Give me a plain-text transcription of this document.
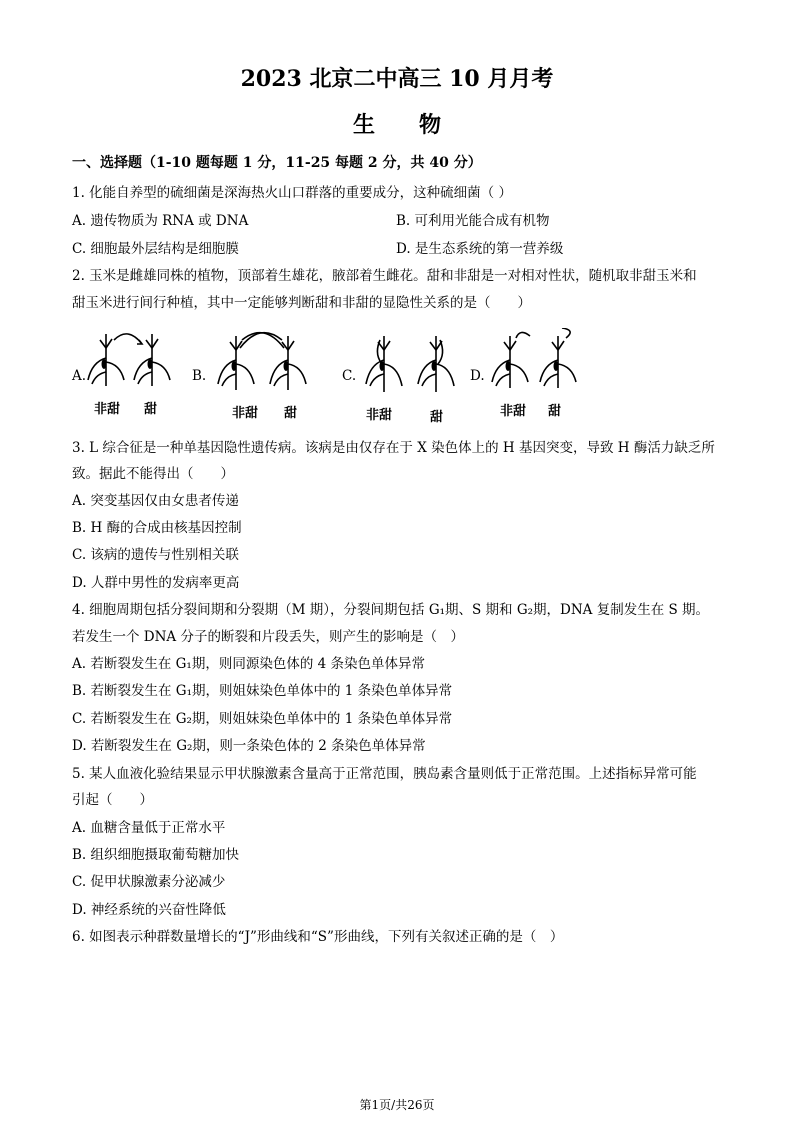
2023 北京二中高三 10 月月考
生　　物
一、选择题（1-10 题每题 1 分，11-25 每题 2 分，共 40 分）
1. 化能自养型的硫细菌是深海热火山口群落的重要成分，这种硫细菌（ ）
A. 遗传物质为 RNA 或 DNA	B. 可利用光能合成有机物
C. 细胞最外层结构是细胞膜	D. 是生态系统的第一营养级
2. 玉米是雌雄同株的植物，顶部着生雄花，腋部着生雌花。甜和非甜是一对相对性状，随机取非甜玉米和
甜玉米进行间行种植，其中一定能够判断甜和非甜的显隐性关系的是（　　）
A.
非甜 甜
B.
非甜 甜
C.
非甜	甜
D.
非甜 甜
3. L 综合征是一种单基因隐性遗传病。该病是由仅存在于 X 染色体上的 H 基因突变，导致 H 酶活力缺乏所
致。据此不能得出（　　）
A. 突变基因仅由女患者传递
B. H 酶的合成由核基因控制
C. 该病的遗传与性别相关联
D. 人群中男性的发病率更高
4. 细胞周期包括分裂间期和分裂期（M 期），分裂间期包括 G₁期、S 期和 G₂期，DNA 复制发生在 S 期。
若发生一个 DNA 分子的断裂和片段丢失，则产生的影响是（　）
A. 若断裂发生在 G₁期，则同源染色体的 4 条染色单体异常
B. 若断裂发生在 G₁期，则姐妹染色单体中的 1 条染色单体异常
C. 若断裂发生在 G₂期，则姐妹染色单体中的 1 条染色单体异常
D. 若断裂发生在 G₂期，则一条染色体的 2 条染色单体异常
5. 某人血液化验结果显示甲状腺激素含量高于正常范围，胰岛素含量则低于正常范围。上述指标异常可能
引起（　　）
A. 血糖含量低于正常水平
B. 组织细胞摄取葡萄糖加快
C. 促甲状腺激素分泌减少
D. 神经系统的兴奋性降低
6. 如图表示种群数量增长的“J”形曲线和“S”形曲线，下列有关叙述正确的是（　）
第1页/共26页
